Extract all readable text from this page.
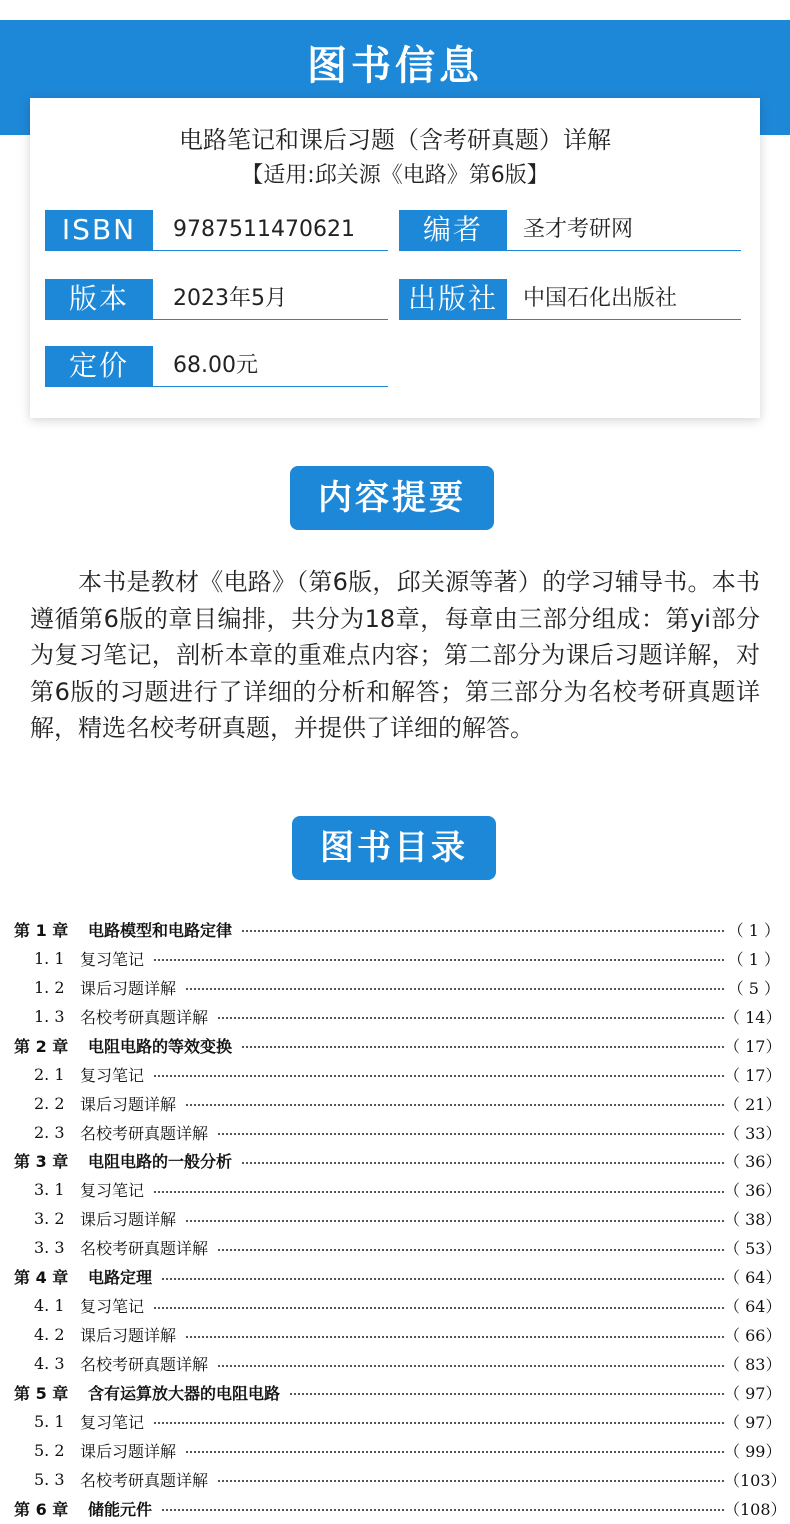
图书信息
电路笔记和课后习题（含考研真题）详解
【适用:邱关源《电路》第6版】
ISBN	9787511470621	编者	圣才考研网
版本	2023年5月	出版社	中国石化出版社
定价	68.00元
内容提要
本书是教材《电路》（第6版，邱关源等著）的学习辅导书。本书遵循第6版的章目编排，共分为18章，每章由三部分组成：第yi部分为复习笔记，剖析本章的重难点内容；第二部分为课后习题详解，对第6版的习题进行了详细的分析和解答；第三部分为名校考研真题详解，精选名校考研真题，并提供了详细的解答。
图书目录
第 1 章	电路模型和电路定律	（ 1 ）
1. 1 复习笔记	（ 1 ）
1. 2 课后习题详解	（ 5 ）
1. 3 名校考研真题详解	（ 14）
第 2 章	电阻电路的等效变换	（ 17）
2. 1 复习笔记	（ 17）
2. 2 课后习题详解	（ 21）
2. 3 名校考研真题详解	（ 33）
第 3 章	电阻电路的一般分析	（ 36）
3. 1 复习笔记	（ 36）
3. 2 课后习题详解	（ 38）
3. 3 名校考研真题详解	（ 53）
第 4 章	电路定理	（ 64）
4. 1 复习笔记	（ 64）
4. 2 课后习题详解	（ 66）
4. 3 名校考研真题详解	（ 83）
第 5 章	含有运算放大器的电阻电路	（ 97）
5. 1 复习笔记	（ 97）
5. 2 课后习题详解	（ 99）
5. 3 名校考研真题详解	（103）
第 6 章	储能元件	（108）
